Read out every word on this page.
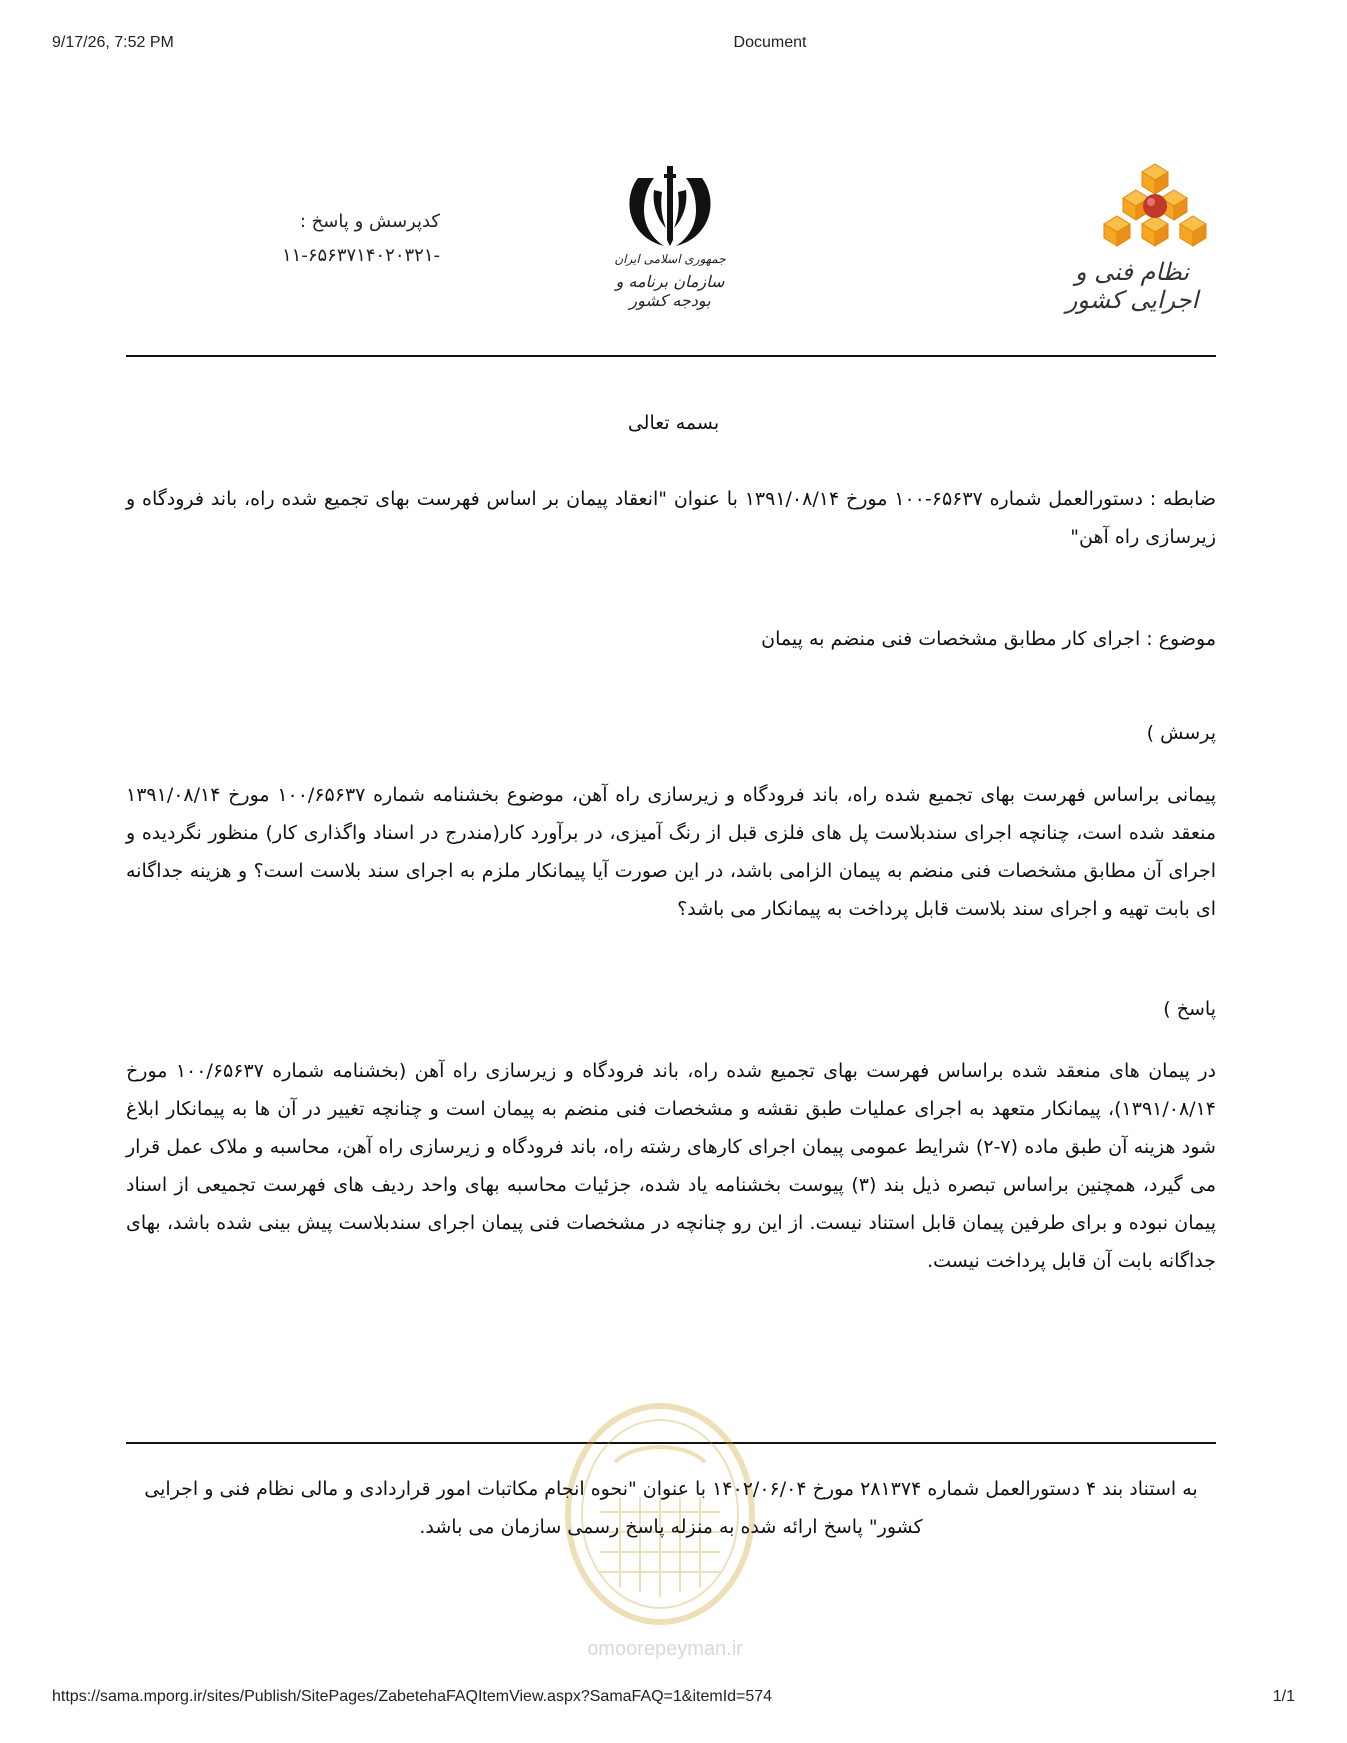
9/17/26, 7:52 PM	Document
نظام فنی و اجرایی کشور
جمهوری اسلامی ایران
سازمان برنامه و بودجه کشور
کدپرسش و پاسخ :
-۱۱-۶۵۶۳۷۱۴۰۲۰۳۲۱
بسمه تعالی
ضابطه : دستورالعمل شماره ۶۵۶۳۷-۱۰۰ مورخ ۱۳۹۱/۰۸/۱۴ با عنوان "انعقاد پیمان بر اساس فهرست بهای تجمیع شده راه، باند فرودگاه و زیرسازی راه آهن"
موضوع : اجرای کار مطابق مشخصات فنی منضم به پیمان
پرسش )
پیمانی براساس فهرست بهای تجمیع شده راه، باند فرودگاه و زیرسازی راه آهن، موضوع بخشنامه شماره ۱۰۰/۶۵۶۳۷ مورخ ۱۳۹۱/۰۸/۱۴ منعقد شده است، چنانچه اجرای سندبلاست پل های فلزی قبل از رنگ آمیزی، در برآورد کار(مندرج در اسناد واگذاری کار) منظور نگردیده و اجرای آن مطابق مشخصات فنی منضم به پیمان الزامی باشد، در این صورت آیا پیمانکار ملزم به اجرای سند بلاست است؟ و هزینه جداگانه ای بابت تهیه و اجرای سند بلاست قابل پرداخت به پیمانکار می باشد؟
پاسخ )
در پیمان های منعقد شده براساس فهرست بهای تجمیع شده راه، باند فرودگاه و زیرسازی راه آهن (بخشنامه شماره ۱۰۰/۶۵۶۳۷ مورخ ۱۳۹۱/۰۸/۱۴)، پیمانکار متعهد به اجرای عملیات طبق نقشه و مشخصات فنی منضم به پیمان است و چنانچه تغییر در آن ها به پیمانکار ابلاغ شود هزینه آن طبق ماده (۷-۲) شرایط عمومی پیمان اجرای کارهای رشته راه، باند فرودگاه و زیرسازی راه آهن، محاسبه و ملاک عمل قرار می گیرد، همچنین براساس تبصره ذیل بند (۳) پیوست بخشنامه یاد شده، جزئیات محاسبه بهای واحد ردیف های فهرست تجمیعی از اسناد پیمان نبوده و برای طرفین پیمان قابل استناد نیست. از این رو چنانچه در مشخصات فنی پیمان اجرای سندبلاست پیش بینی شده باشد، بهای جداگانه بابت آن قابل پرداخت نیست.
omoorepeyman.ir
به استناد بند ۴ دستورالعمل شماره ۲۸۱۳۷۴ مورخ ۱۴۰۲/۰۶/۰۴ با عنوان "نحوه انجام مکاتبات امور قراردادی و مالی نظام فنی و اجرایی کشور" پاسخ ارائه شده به منزله پاسخ رسمی سازمان می باشد.
https://sama.mporg.ir/sites/Publish/SitePages/ZabetehaFAQItemView.aspx?SamaFAQ=1&itemId=574	1/1
